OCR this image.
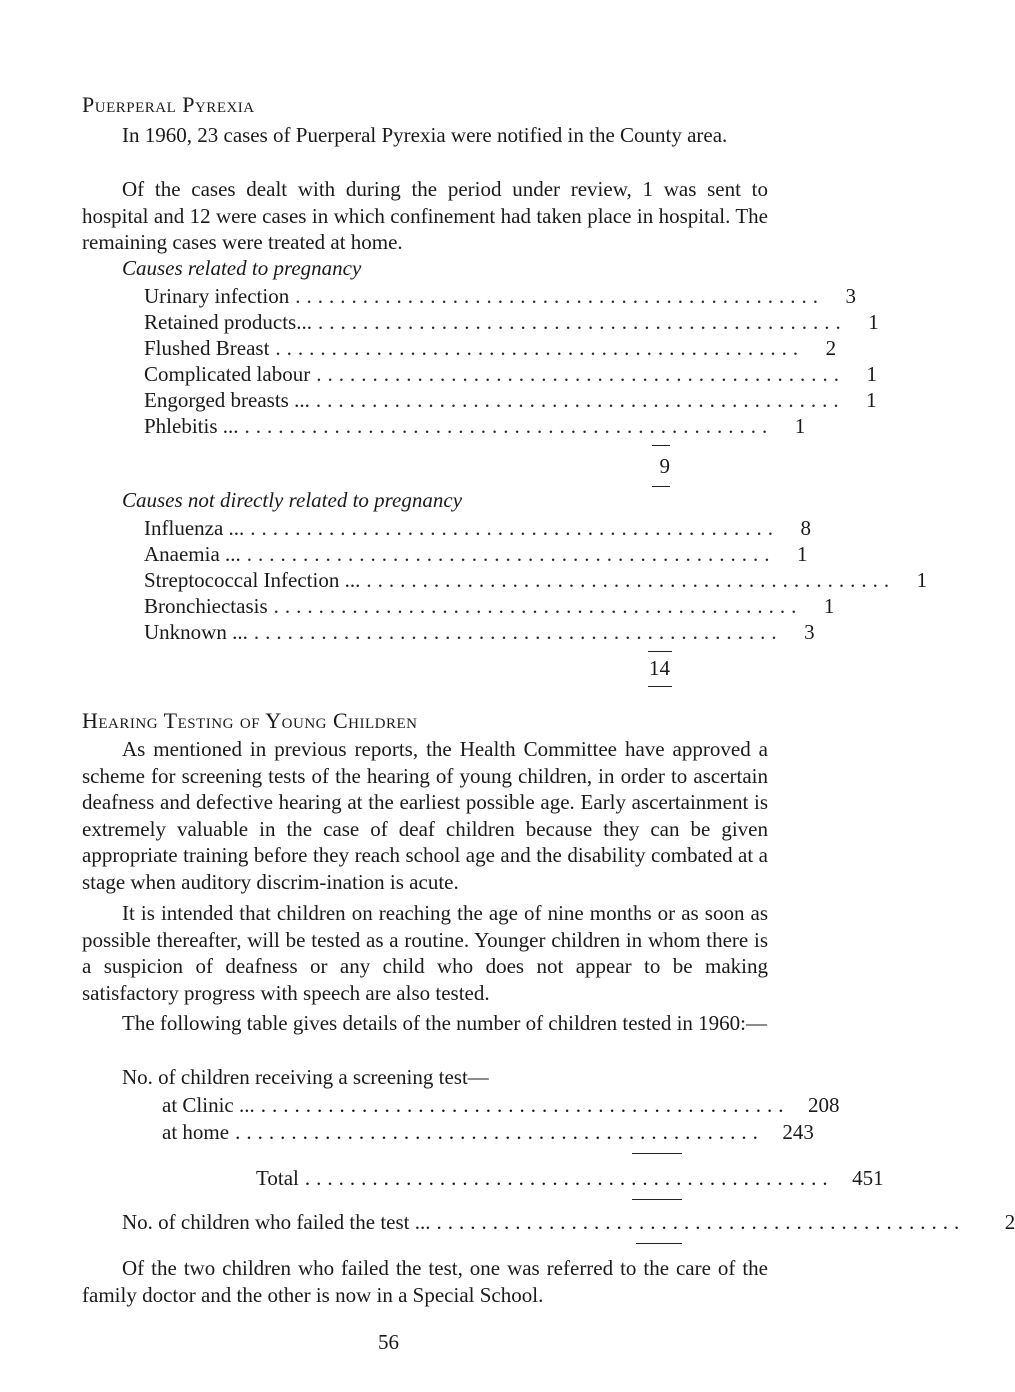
Puerperal Pyrexia

In 1960, 23 cases of Puerperal Pyrexia were notified in the County area.

Of the cases dealt with during the period under review, 1 was sent to hospital and 12 were cases in which confinement had taken place in hospital. The remaining cases were treated at home.

Causes related to pregnancy
Urinary infection ...............................................	3
Retained products... ...............................................	1
Flushed Breast ...............................................	2
Complicated labour ...............................................	1
Engorged breasts ... ...............................................	1
Phlebitis ... ...............................................	1
9
Causes not directly related to pregnancy
Influenza ... ...............................................	8
Anaemia ... ...............................................	1
Streptococcal Infection ... ...............................................	1
Bronchiectasis ...............................................	1
Unknown ... ...............................................	3
14
Hearing Testing of Young Children

As mentioned in previous reports, the Health Committee have approved a scheme for screening tests of the hearing of young children, in order to ascertain deafness and defective hearing at the earliest possible age. Early ascertainment is extremely valuable in the case of deaf children because they can be given appropriate training before they reach school age and the disability combated at a stage when auditory discrim-ination is acute.

It is intended that children on reaching the age of nine months or as soon as possible thereafter, will be tested as a routine. Younger children in whom there is a suspicion of deafness or any child who does not appear to be making satisfactory progress with speech are also tested.

The following table gives details of the number of children tested in 1960:—

No. of children receiving a screening test—
at Clinic ... ............................................... 208
at home ............................................... 243
Total ............................................... 451
No. of children who failed the test ... ...............................................	2

Of the two children who failed the test, one was referred to the care of the family doctor and the other is now in a Special School.

56
